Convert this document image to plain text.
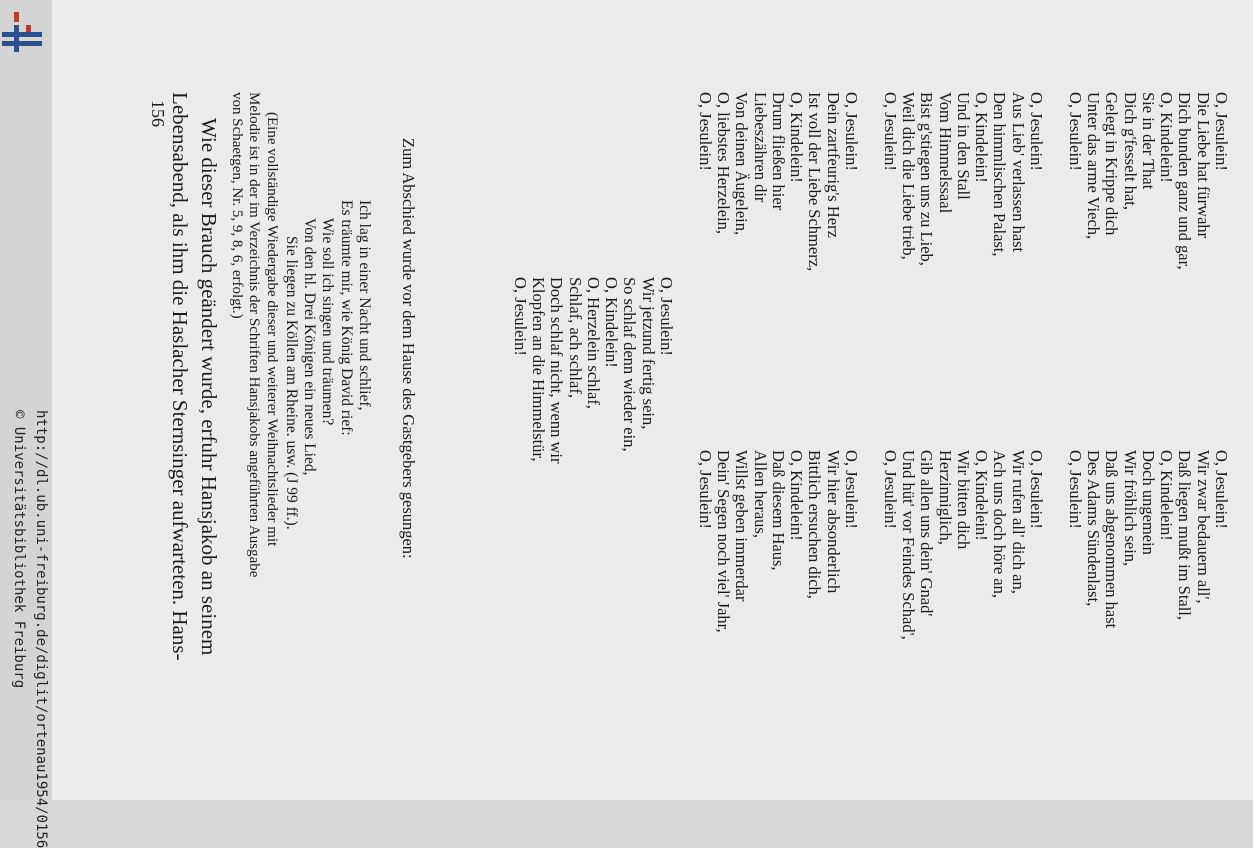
http://dl.ub.uni-freiburg.de/diglit/ortenau1954/0156
© Universitätsbibliothek Freiburg
O, Jesulein!
Die Liebe hat fürwahr
Dich bunden ganz und gar,
O, Kindelein!
Sie in der That
Dich g'fesselt hat,
Gelegt in Krippe dich
Unter das arme Viech,
O, Jesulein!
O, Jesulein!
Wir zwar bedauern all',
Daß liegen mußt im Stall,
O, Kindelein!
Doch ungemein
Wir fröhlich sein,
Daß uns abgenommen hast
Des Adams Sündenlast,
O, Jesulein!
O, Jesulein!
Aus Lieb' verlassen hast
Den himmlischen Palast,
O, Kindelein!
Und in den Stall
Vom Himmelssaal
Bist g'stiegen uns zu Lieb,
Weil dich die Liebe trieb,
O, Jesulein!
O, Jesulein!
Wir rufen all' dich an,
Ach uns doch höre an,
O, Kindelein!
Wir bitten dich
Herzinniglich,
Gib allen uns dein' Gnad'
Und hüt' vor Feindes Schad',
O, Jesulein!
O, Jesulein!
Dein zartfeurig's Herz
Ist voll der Liebe Schmerz,
O, Kindelein!
Drum fließen hier
Liebeszähren dir
Von deinen Äugelein,
O, liebstes Herzelein,
O, Jesulein!
O, Jesulein!
Wir hier absonderlich
Bittlich ersuchen dich,
O, Kindelein!
Daß diesem Haus,
Allen heraus,
Willst geben immerdar
Dein' Segen noch viel' Jahr,
O, Jesulein!
O, Jesulein!
Wir jetzund fertig sein,
So schlaf denn wieder ein,
O, Kindelein!
O, Herzelein schlaf,
Schlaf, ach schlaf,
Doch schlaf nicht, wenn wir
Klopfen an die Himmelstür,
O, Jesulein!
Zum Abschied wurde vor dem Hause des Gastgebers gesungen:
Ich lag in einer Nacht und schlief,
Es träumte mir, wie König David rief:
Wie soll ich singen und träumen?
Von den hl. Drei Königen ein neues Lied,
Sie liegen zu Köllen am Rheine. usw. (J 99 ff.).
(Eine vollständige Wiedergabe dieser und weiterer Weihnachtslieder mit
Melodie ist in der im Verzeichnis der Schriften Hansjakobs angeführten Ausgabe
von Schaetgen, Nr. 5, 9, 8, 6, erfolgt.)
Wie dieser Brauch geändert wurde, erfuhr Hansjakob an seinem
Lebensabend, als ihm die Haslacher Sternsinger aufwarteten. Hans-
156
